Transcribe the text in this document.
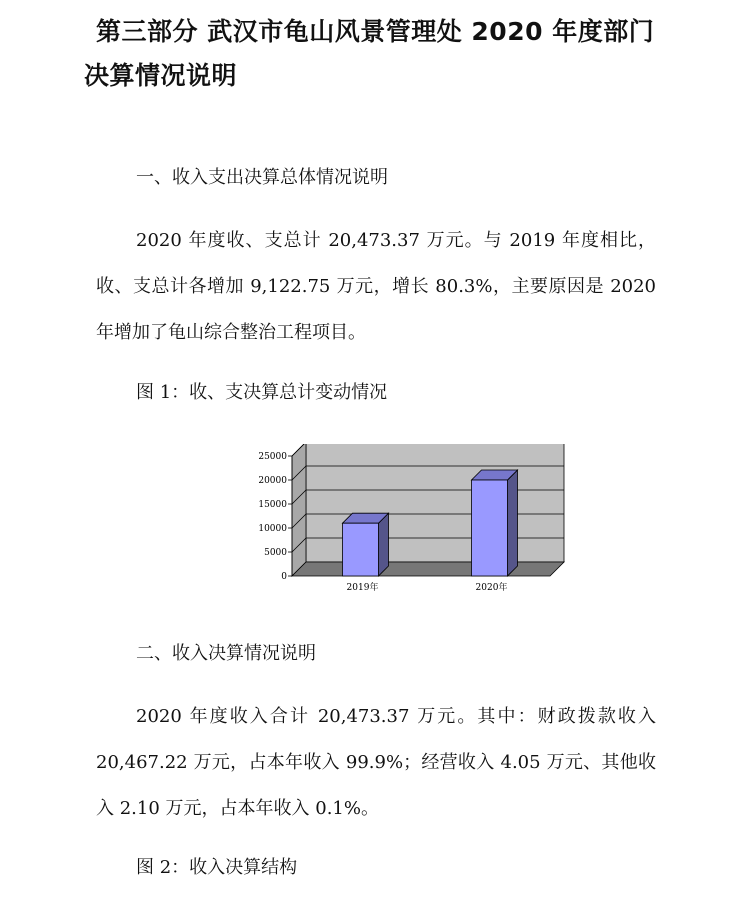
第三部分 武汉市龟山风景管理处 2020 年度部门决算情况说明
一、收入支出决算总体情况说明
2020 年度收、支总计 20,473.37 万元。与 2019 年度相比，收、支总计各增加 9,122.75 万元，增长 80.3%，主要原因是 2020 年增加了龟山综合整治工程项目。
图 1：收、支决算总计变动情况
0
5000
10000
15000
20000
25000
2019年	2020年
二、收入决算情况说明
2020 年度收入合计 20,473.37 万元。其中：财政拨款收入 20,467.22 万元，占本年收入 99.9%；经营收入 4.05 万元、其他收入 2.10 万元，占本年收入 0.1%。
图 2：收入决算结构
